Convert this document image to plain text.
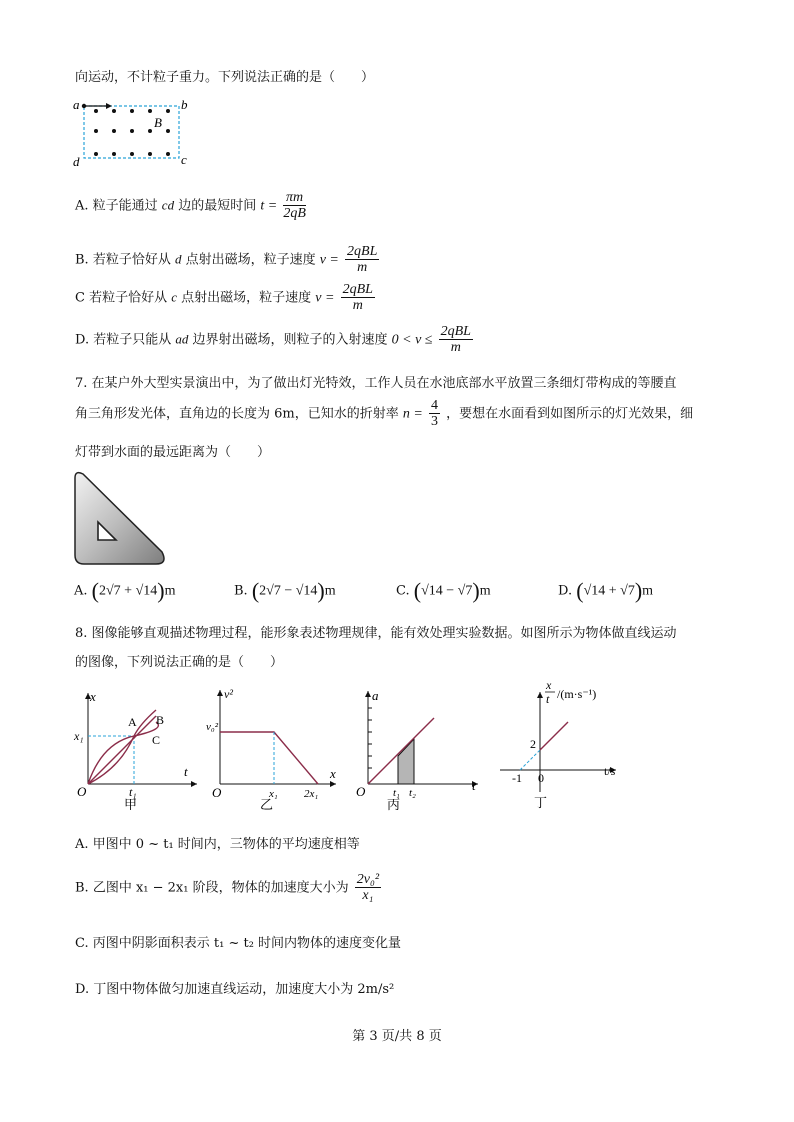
向运动，不计粒子重力。下列说法正确的是（　　）
a	b
d	c
B
A. 粒子能通过 cd 边的最短时间 $t = \frac{\pi m}{2qB}$
B. 若粒子恰好从 d 点射出磁场，粒子速度 $v = \frac{\text{2qBL}}{m}$
C 若粒子恰好从 c 点射出磁场，粒子速度 $v = \frac{\text{2qBL}}{m}$
D. 若粒子只能从 ad 边界射出磁场，则粒子的入射速度 $0 < v \le \frac{\text{2qBL}}{m}$
7. 在某户外大型实景演出中，为了做出灯光特效，工作人员在水池底部水平放置三条细灯带构成的等腰直
角三角形发光体，直角边的长度为 6m，已知水的折射率 $n = \frac{4}{3}$ ，要想在水面看到如图所示的灯光效果，细
灯带到水面的最远距离为（　　）
A. (2√7 + √14)m	B. (2√7 − √14)m	C. (√14 − √7)m	D. (√14 + √7)m
8. 图像能够直观描述物理过程，能形象表述物理规律，能有效处理实验数据。如图所示为物体做直线运动
的图像，下列说法正确的是（　　）
x
t
O
x₁
t₁
A B
C
甲
v²
x
O
v₀²
x₁ 2x₁
乙
a
t
O	t₁ t₂
丙
x
t /(m·s⁻¹)
t/s
-1 0
2
丁
A. 甲图中 0 ~ t₁ 时间内，三物体的平均速度相等
B. 乙图中 x₁ − 2x₁ 阶段，物体的加速度大小为 $\frac{\text{2v₀²}}{\text{x₁}}$
C. 丙图中阴影面积表示 t₁ ~ t₂ 时间内物体的速度变化量
D. 丁图中物体做匀加速直线运动，加速度大小为 2m/s²
第 3 页/共 8 页
